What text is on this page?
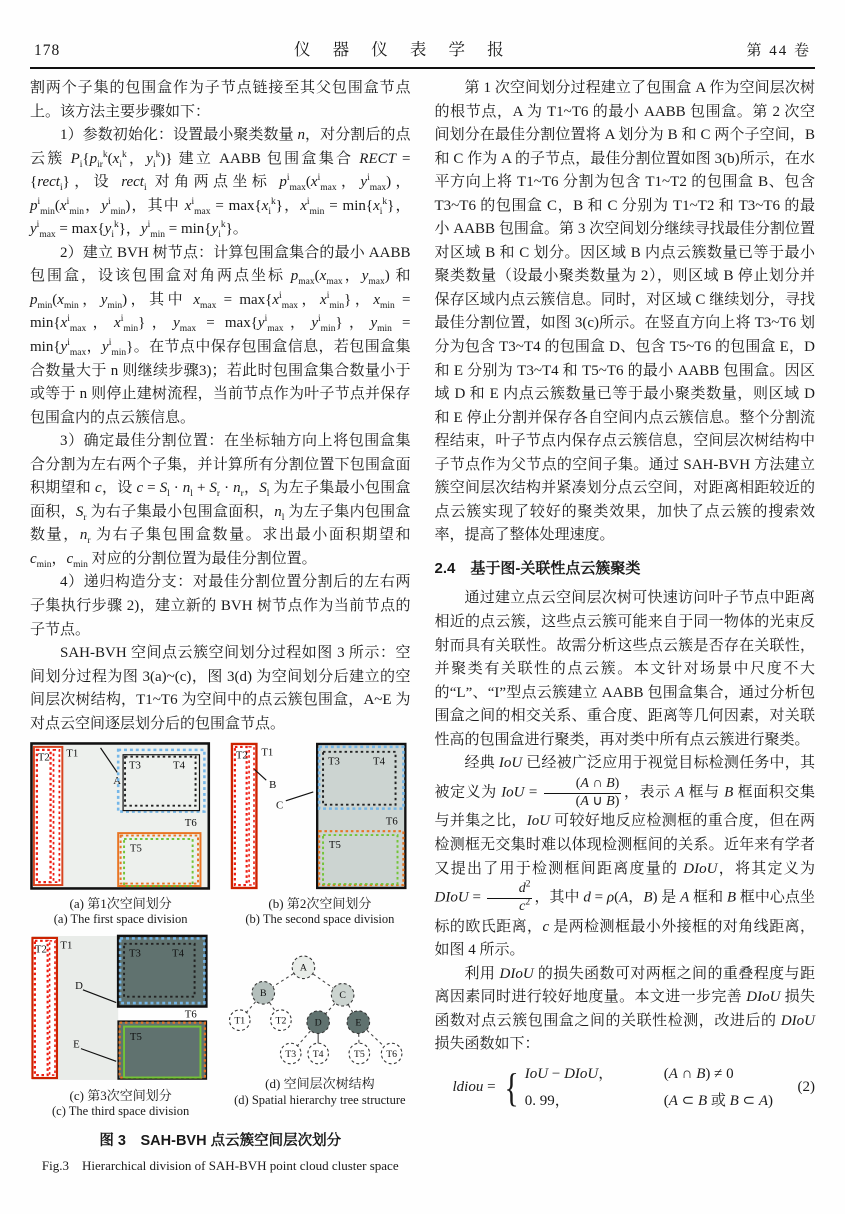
178	仪 器 仪 表 学 报	第 44 卷

割两个子集的包围盒作为子节点链接至其父包围盒节点上。该方法主要步骤如下：

1）参数初始化：设置最小聚类数量 n，对分割后的点云簇 $P_i\{p_{ir}^k(x_i^k$，$y_i^k$)} 建立 AABB 包围盒集合 RECT = {rect$_i$}，设 rect$_i$ 对角两点坐标 $p^i_{max}(x^i_{max}$，$y^i_{max}$)，$p^i_{min}(x^i_{min}$，$y^i_{min}$)，其中 $x^i_{max} = \max\{x_i^k\}$，$x^i_{min} = \min\{x_i^k\}$，$y^i_{max} = \max\{y_i^k\}$，$y^i_{min} = \min\{y_i^k\}$。

2）建立 BVH 树节点：计算包围盒集合的最小 AABB 包围盒，设该包围盒对角两点坐标 $p_{max}(x_{max}$，$y_{max}$) 和 $p_{min}(x_{min}$，$y_{min}$)，其中 $x_{max} = \max\{x^i_{max}$，$x^i_{min}$}，$x_{min} = \min\{x^i_{max}$，$x^i_{min}$}，$y_{max} = \max\{y^i_{max}$，$y^i_{min}$}，$y_{min} = \min\{y^i_{max}$，$y^i_{min}$}。在节点中保存包围盒信息，若包围盒集合数量大于 n 则继续步骤3)；若此时包围盒集合数量小于或等于 n 则停止建树流程，当前节点作为叶子节点并保存包围盒内的点云簇信息。

3）确定最佳分割位置：在坐标轴方向上将包围盒集合分割为左右两个子集，并计算所有分割位置下包围盒面积期望和 c，设 $c = S_l \cdot n_l + S_r \cdot n_r$，$S_l$ 为左子集最小包围盒面积，$S_r$ 为右子集最小包围盒面积，$n_l$ 为左子集内包围盒数量，$n_r$ 为右子集包围盒数量。求出最小面积期望和 $c_{min}$，$c_{min}$ 对应的分割位置为最佳分割位置。

4）递归构造分支：对最佳分割位置分割后的左右两子集执行步骤 2)，建立新的 BVH 树节点作为当前节点的子节点。

SAH-BVH 空间点云簇空间划分过程如图 3 所示：空间划分过程为图 3(a)~(c)，图 3(d) 为空间划分后建立的空间层次树结构，T1~T6 为空间中的点云簇包围盒，A~E 为对点云空间逐层划分后的包围盒节点。

T2 T1
A
T3	T4
T6
T5
(a) 第1次空间划分
(a) The first space division
T2 T1
B
C
T3	T4
T6
T5
(b) 第2次空间划分
(b) The second space division
T2 T1
D
E
T3	T4
T6
T5
(c) 第3次空间划分
(c) The third space division
A
B	C
T1	T2	D	E
T3 T4	T5 T6
(d) 空间层次树结构
(d) Spatial hierarchy tree structure
图 3　SAH-BVH 点云簇空间层次划分
Fig.3　Hierarchical division of SAH-BVH point cloud cluster space

第 1 次空间划分过程建立了包围盒 A 作为空间层次树的根节点，A 为 T1~T6 的最小 AABB 包围盒。第 2 次空间划分在最佳分割位置将 A 划分为 B 和 C 两个子空间，B 和 C 作为 A 的子节点，最佳分割位置如图 3(b)所示，在水平方向上将 T1~T6 分割为包含 T1~T2 的包围盒 B、包含 T3~T6 的包围盒 C，B 和 C 分别为 T1~T2 和 T3~T6 的最小 AABB 包围盒。第 3 次空间划分继续寻找最佳分割位置对区域 B 和 C 划分。因区域 B 内点云簇数量已等于最小聚类数量（设最小聚类数量为 2），则区域 B 停止划分并保存区域内点云簇信息。同时，对区域 C 继续划分，寻找最佳分割位置，如图 3(c)所示。在竖直方向上将 T3~T6 划分为包含 T3~T4 的包围盒 D、包含 T5~T6 的包围盒 E，D 和 E 分别为 T3~T4 和 T5~T6 的最小 AABB 包围盒。因区域 D 和 E 内点云簇数量已等于最小聚类数量，则区域 D 和 E 停止分割并保存各自空间内点云簇信息。整个分割流程结束，叶子节点内保存点云簇信息，空间层次树结构中子节点作为父节点的空间子集。通过 SAH-BVH 方法建立簇空间层次结构并紧凑划分点云空间，对距离相距较近的点云簇实现了较好的聚类效果，加快了点云簇的搜索效率，提高了整体处理速度。

2.4　基于图-关联性点云簇聚类

通过建立点云空间层次树可快速访问叶子节点中距离相近的点云簇，这些点云簇可能来自于同一物体的光束反射而具有关联性。故需分析这些点云簇是否存在关联性，并聚类有关联性的点云簇。本文针对场景中尺度不大的“L”、“I”型点云簇建立 AABB 包围盒集合，通过分析包围盒之间的相交关系、重合度、距离等几何因素，对关联性高的包围盒进行聚类，再对类中所有点云簇进行聚类。

经典 IoU 已经被广泛应用于视觉目标检测任务中，其被定义为 IoU = $\frac{(A \cap B)}{(A \cup B)}$ ，表示 A 框与 B 框面积交集与并集之比，IoU 可较好地反应检测框的重合度，但在两检测框无交集时难以体现检测框间的关系。近年来有学者又提出了用于检测框间距离度量的 DIoU，将其定义为 DIoU = $\frac{d^2}{c^2}$ ，其中 d = ρ(A，B) 是 A 框和 B 框中心点坐标的欧氏距离，c 是两检测框最小外接框的对角线距离，如图 4 所示。

利用 DIoU 的损失函数可对两框之间的重叠程度与距离因素同时进行较好地度量。本文进一步完善 DIoU 损失函数对点云簇包围盒之间的关联性检测，改进后的 DIoU 损失函数如下：

ldiou = { IoU − DIoU，	(A ∩ B) ≠ 0
0. 99，	(A ⊂ B 或 B ⊂ A)
(2)
